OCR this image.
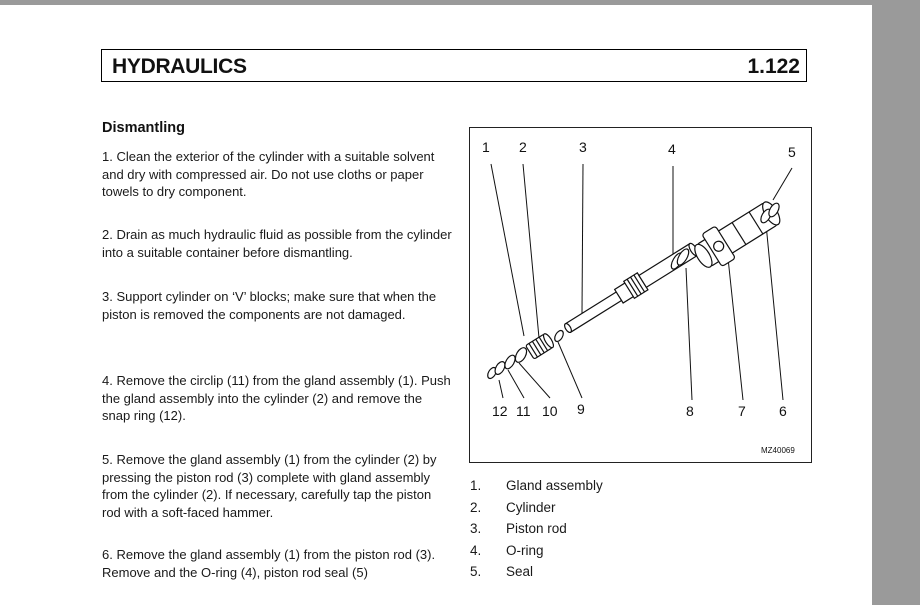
HYDRAULICS	1.122
Dismantling
1. Clean the exterior of the cylinder with a suitable solvent and dry with compressed air. Do not use cloths or paper towels to dry component.
2. Drain as much hydraulic fluid as possible from the cylinder into a suitable container before dismantling.
3. Support cylinder on ‘V’ blocks; make sure that when the piston is removed the components are not damaged.
4. Remove the circlip (11) from the gland assembly (1). Push the gland assembly into the cylinder (2) and remove the snap ring (12).
5. Remove the gland assembly (1) from the cylinder (2) by pressing the piston rod (3) complete with gland assembly from the cylinder (2). If necessary, carefully tap the piston rod with a soft-faced hammer.
6. Remove the gland assembly (1) from the piston rod (3). Remove and the O-ring (4), piston rod seal (5)
1 2	3	4	5
12 11 10 9	8	7 6
MZ40069
1. Gland assembly
2. Cylinder
3. Piston rod
4. O-ring
5. Seal
